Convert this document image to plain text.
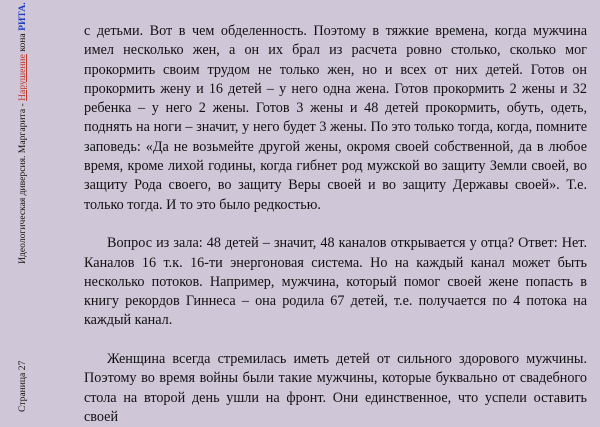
Страница 27  Идеологическая диверсия. Маргарита - Нарушение кона РИТА.

с детьми. Вот в чем обделенность. Поэтому в тяжкие времена, когда мужчина имел несколько жен, а он их брал из расчета ровно столько, сколько мог прокормить своим трудом не только жен, но и всех от них детей. Готов он прокормить жену и 16 детей – у него одна жена. Готов прокормить 2 жены и 32 ребенка – у него 2 жены. Готов 3 жены и 48 детей прокормить, обуть, одеть, поднять на ноги – значит, у него будет 3 жены. По это только тогда, когда, помните заповедь: «Да не возьмейте другой жены, окромя своей собственной, да в любое время, кроме лихой годины, когда гибнет род мужской во защиту Земли своей, во защиту Рода своего, во защиту Веры своей и во защиту Державы своей». Т.е. только тогда. И то это было редкостью.

Вопрос из зала: 48 детей – значит, 48 каналов открывается у отца? Ответ: Нет. Каналов 16 т.к. 16-ти энергоновая система. Но на каждый канал может быть несколько потоков. Например, мужчина, который помог своей жене попасть в книгу рекордов Гиннеса – она родила 67 детей, т.е. получается по 4 потока на каждый канал.

Женщина всегда стремилась иметь детей от сильного здорового мужчины. Поэтому во время войны были такие мужчины, которые буквально от свадебного стола на второй день ушли на фронт. Они единственное, что успели оставить своей
